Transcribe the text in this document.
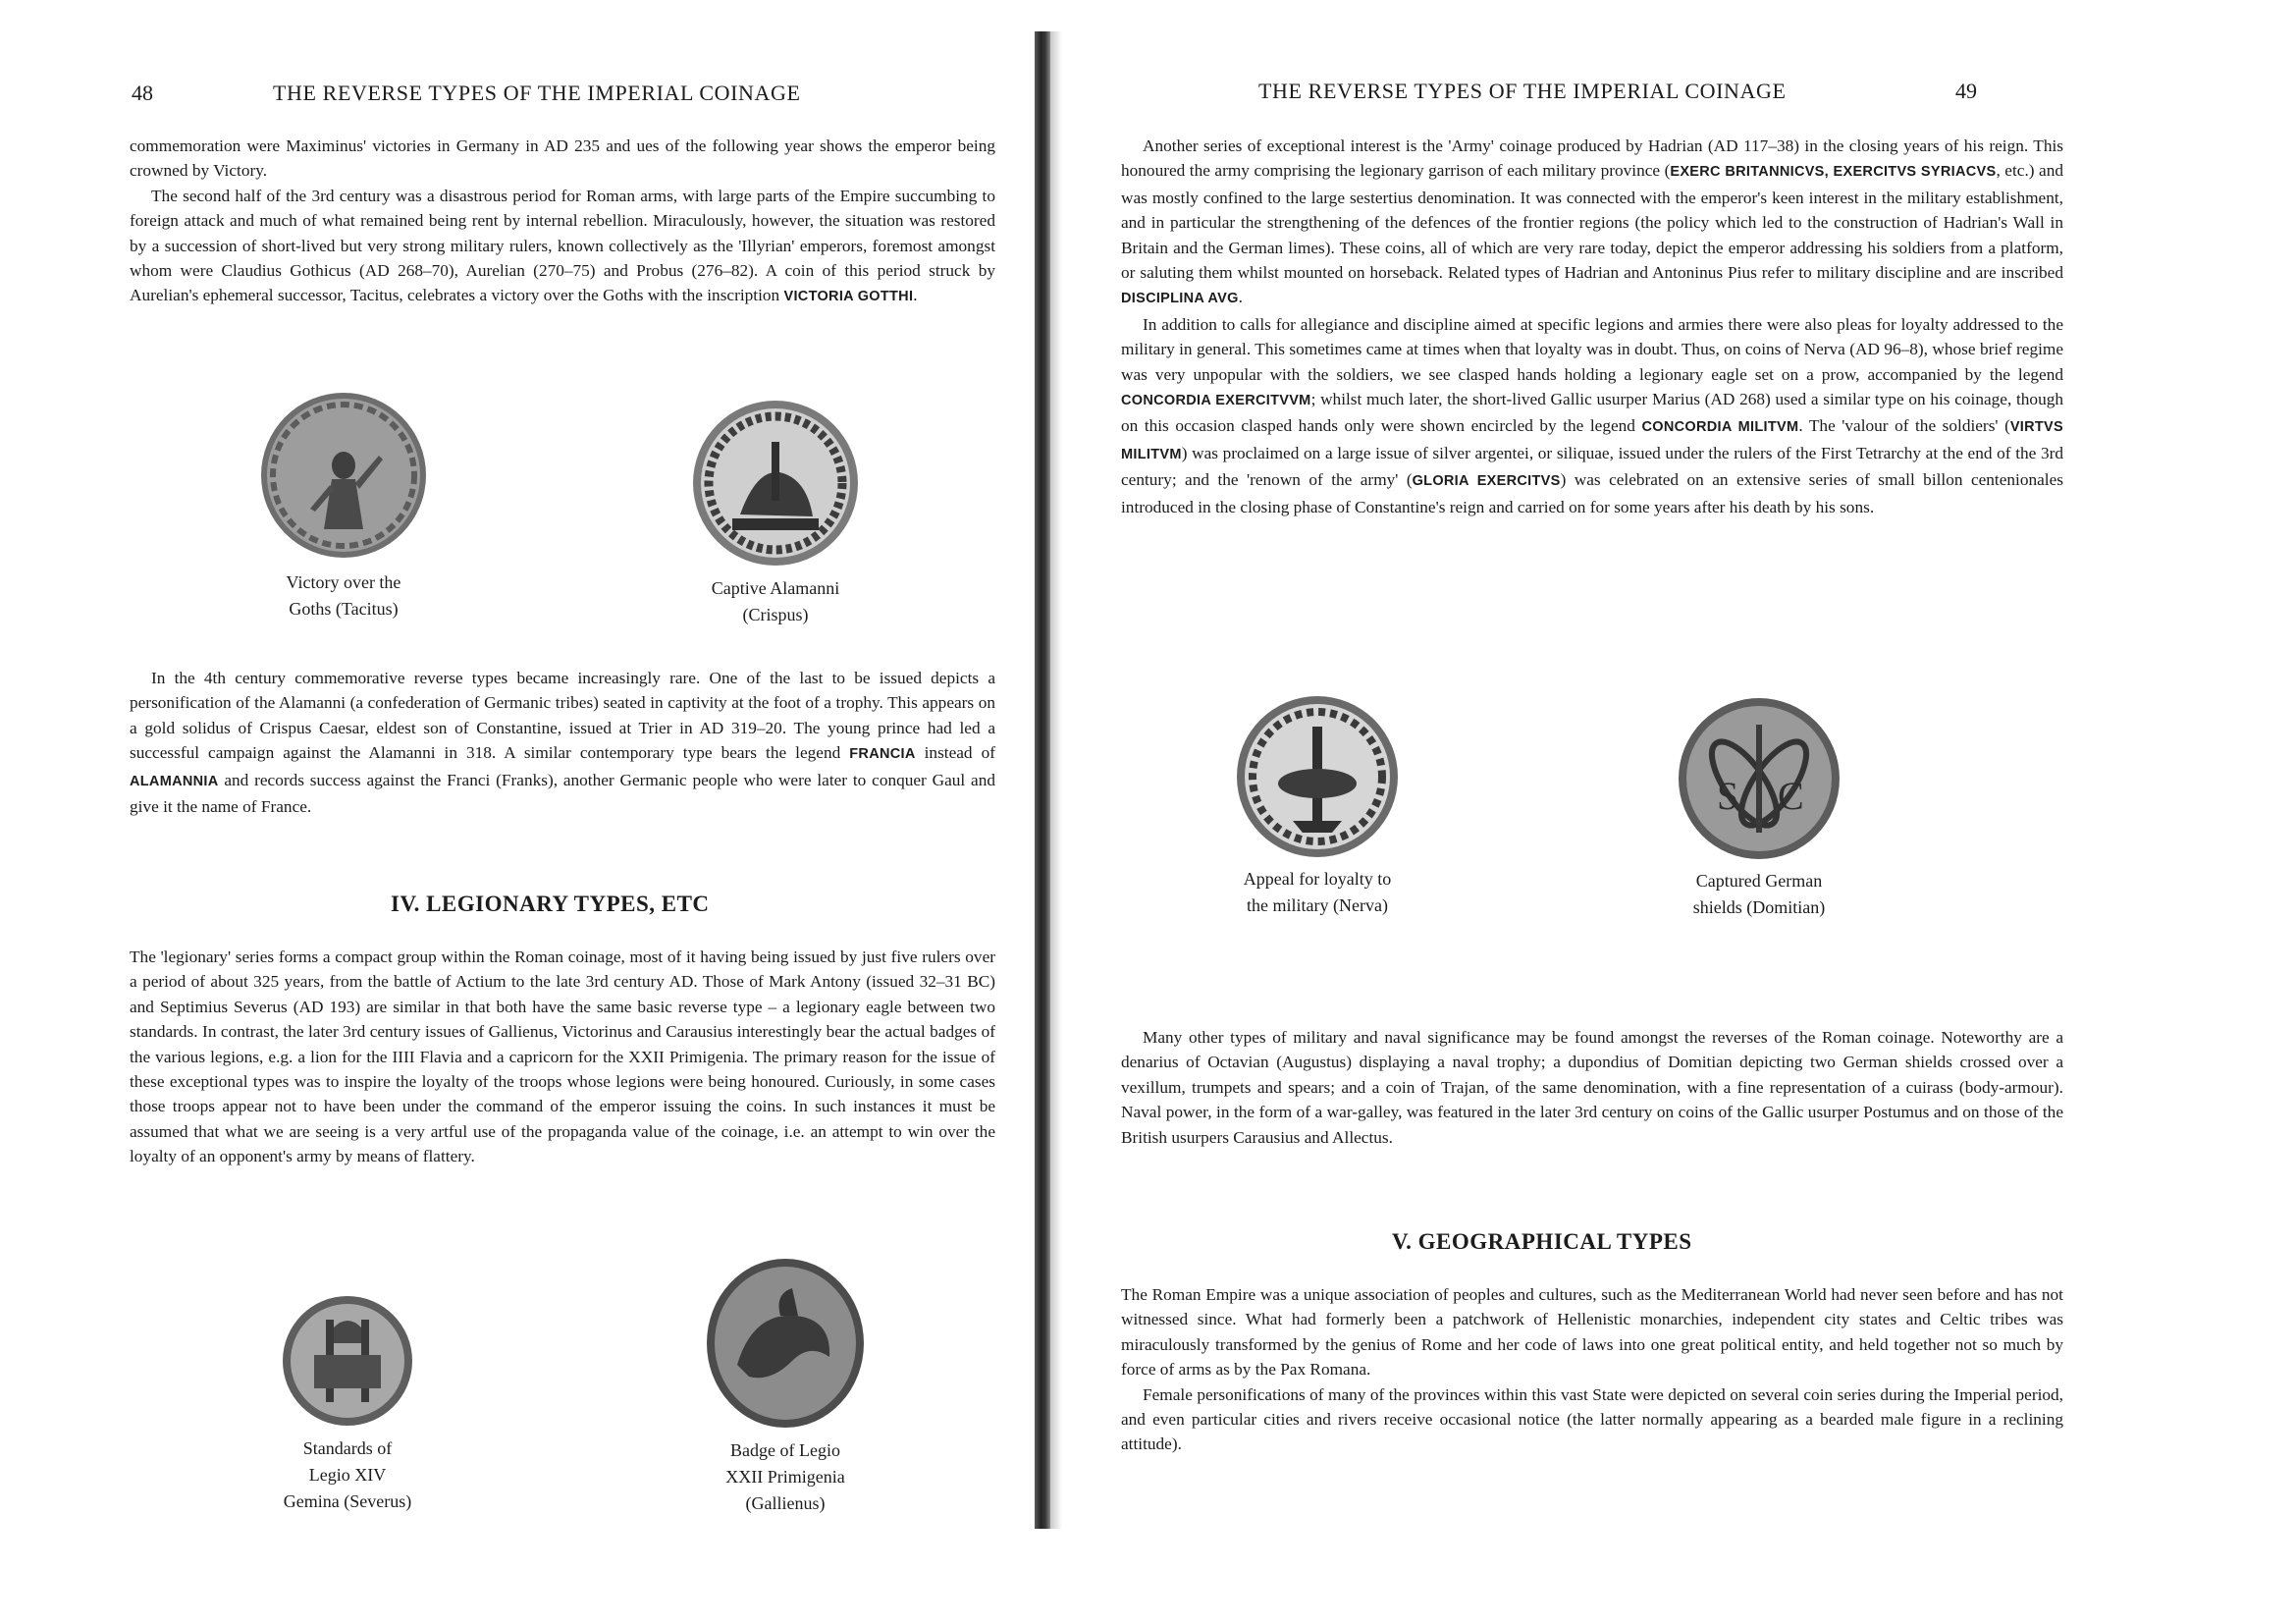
48	THE REVERSE TYPES OF THE IMPERIAL COINAGE

commemoration were Maximinus' victories in Germany in AD 235 and ues of the following year shows the emperor being crowned by Victory.

The second half of the 3rd century was a disastrous period for Roman arms, with large parts of the Empire succumbing to foreign attack and much of what remained being rent by internal rebellion. Miraculously, however, the situation was restored by a succession of short-lived but very strong military rulers, known collectively as the 'Illyrian' emperors, foremost amongst whom were Claudius Gothicus (AD 268–70), Aurelian (270–75) and Probus (276–82). A coin of this period struck by Aurelian's ephemeral successor, Tacitus, celebrates a victory over the Goths with the inscription VICTORIA GOTTHI.

Victory over the
Goths (Tacitus)
Captive Alamanni
(Crispus)

In the 4th century commemorative reverse types became increasingly rare. One of the last to be issued depicts a personification of the Alamanni (a confederation of Germanic tribes) seated in captivity at the foot of a trophy. This appears on a gold solidus of Crispus Caesar, eldest son of Constantine, issued at Trier in AD 319–20. The young prince had led a successful campaign against the Alamanni in 318. A similar contemporary type bears the legend FRANCIA instead of ALAMANNIA and records success against the Franci (Franks), another Germanic people who were later to conquer Gaul and give it the name of France.

IV. LEGIONARY TYPES, ETC

The 'legionary' series forms a compact group within the Roman coinage, most of it having being issued by just five rulers over a period of about 325 years, from the battle of Actium to the late 3rd century AD. Those of Mark Antony (issued 32–31 BC) and Septimius Severus (AD 193) are similar in that both have the same basic reverse type – a legionary eagle between two standards. In contrast, the later 3rd century issues of Gallienus, Victorinus and Carausius interestingly bear the actual badges of the various legions, e.g. a lion for the IIII Flavia and a capricorn for the XXII Primigenia. The primary reason for the issue of these exceptional types was to inspire the loyalty of the troops whose legions were being honoured. Curiously, in some cases those troops appear not to have been under the command of the emperor issuing the coins. In such instances it must be assumed that what we are seeing is a very artful use of the propaganda value of the coinage, i.e. an attempt to win over the loyalty of an opponent's army by means of flattery.

Standards of
Legio XIV
Gemina (Severus)
Badge of Legio
XXII Primigenia
(Gallienus)
THE REVERSE TYPES OF THE IMPERIAL COINAGE	49

Another series of exceptional interest is the 'Army' coinage produced by Hadrian (AD 117–38) in the closing years of his reign. This honoured the army comprising the legionary garrison of each military province (EXERC BRITANNICVS, EXERCITVS SYRIACVS, etc.) and was mostly confined to the large sestertius denomination. It was connected with the emperor's keen interest in the military establishment, and in particular the strengthening of the defences of the frontier regions (the policy which led to the construction of Hadrian's Wall in Britain and the German limes). These coins, all of which are very rare today, depict the emperor addressing his soldiers from a platform, or saluting them whilst mounted on horseback. Related types of Hadrian and Antoninus Pius refer to military discipline and are inscribed DISCIPLINA AVG.

In addition to calls for allegiance and discipline aimed at specific legions and armies there were also pleas for loyalty addressed to the military in general. This sometimes came at times when that loyalty was in doubt. Thus, on coins of Nerva (AD 96–8), whose brief regime was very unpopular with the soldiers, we see clasped hands holding a legionary eagle set on a prow, accompanied by the legend CONCORDIA EXERCITVVM; whilst much later, the short-lived Gallic usurper Marius (AD 268) used a similar type on his coinage, though on this occasion clasped hands only were shown encircled by the legend CONCORDIA MILITVM. The 'valour of the soldiers' (VIRTVS MILITVM) was proclaimed on a large issue of silver argentei, or siliquae, issued under the rulers of the First Tetrarchy at the end of the 3rd century; and the 'renown of the army' (GLORIA EXERCITVS) was celebrated on an extensive series of small billon centenionales introduced in the closing phase of Constantine's reign and carried on for some years after his death by his sons.

Appeal for loyalty to
the military (Nerva)
S C
Captured German
shields (Domitian)

Many other types of military and naval significance may be found amongst the reverses of the Roman coinage. Noteworthy are a denarius of Octavian (Augustus) displaying a naval trophy; a dupondius of Domitian depicting two German shields crossed over a vexillum, trumpets and spears; and a coin of Trajan, of the same denomination, with a fine representation of a cuirass (body-armour). Naval power, in the form of a war-galley, was featured in the later 3rd century on coins of the Gallic usurper Postumus and on those of the British usurpers Carausius and Allectus.

V. GEOGRAPHICAL TYPES

The Roman Empire was a unique association of peoples and cultures, such as the Mediterranean World had never seen before and has not witnessed since. What had formerly been a patchwork of Hellenistic monarchies, independent city states and Celtic tribes was miraculously transformed by the genius of Rome and her code of laws into one great political entity, and held together not so much by force of arms as by the Pax Romana.

Female personifications of many of the provinces within this vast State were depicted on several coin series during the Imperial period, and even particular cities and rivers receive occasional notice (the latter normally appearing as a bearded male figure in a reclining attitude).
